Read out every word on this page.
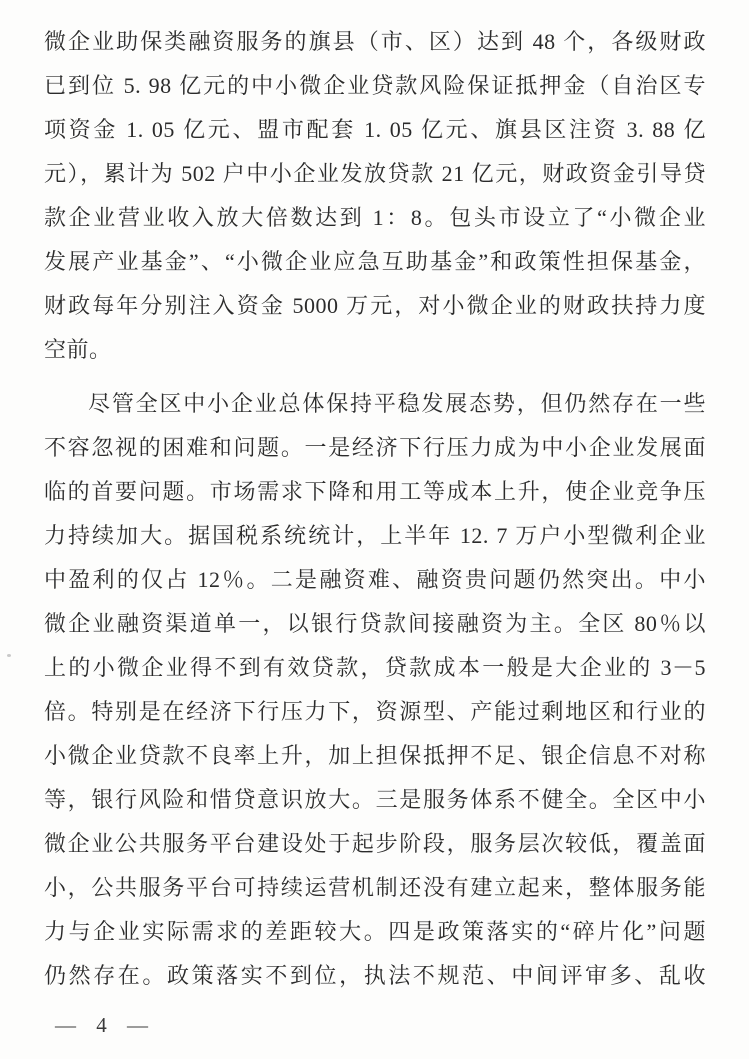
微企业助保类融资服务的旗县（市、区）达到 48 个，各级财政
已到位 5. 98 亿元的中小微企业贷款风险保证抵押金（自治区专
项资金 1. 05 亿元、盟市配套 1. 05 亿元、旗县区注资 3. 88 亿
元），累计为 502 户中小企业发放贷款 21 亿元，财政资金引导贷
款企业营业收入放大倍数达到 1：8。包头市设立了“小微企业
发展产业基金”、“小微企业应急互助基金”和政策性担保基金，
财政每年分别注入资金 5000 万元，对小微企业的财政扶持力度
空前。
尽管全区中小企业总体保持平稳发展态势，但仍然存在一些
不容忽视的困难和问题。一是经济下行压力成为中小企业发展面
临的首要问题。市场需求下降和用工等成本上升，使企业竞争压
力持续加大。据国税系统统计，上半年 12. 7 万户小型微利企业
中盈利的仅占 12％。二是融资难、融资贵问题仍然突出。中小
微企业融资渠道单一，以银行贷款间接融资为主。全区 80％以
上的小微企业得不到有效贷款，贷款成本一般是大企业的 3－5
倍。特别是在经济下行压力下，资源型、产能过剩地区和行业的
小微企业贷款不良率上升，加上担保抵押不足、银企信息不对称
等，银行风险和惜贷意识放大。三是服务体系不健全。全区中小
微企业公共服务平台建设处于起步阶段，服务层次较低，覆盖面
小，公共服务平台可持续运营机制还没有建立起来，整体服务能
力与企业实际需求的差距较大。四是政策落实的“碎片化”问题
仍然存在。政策落实不到位，执法不规范、中间评审多、乱收
— 4 —
